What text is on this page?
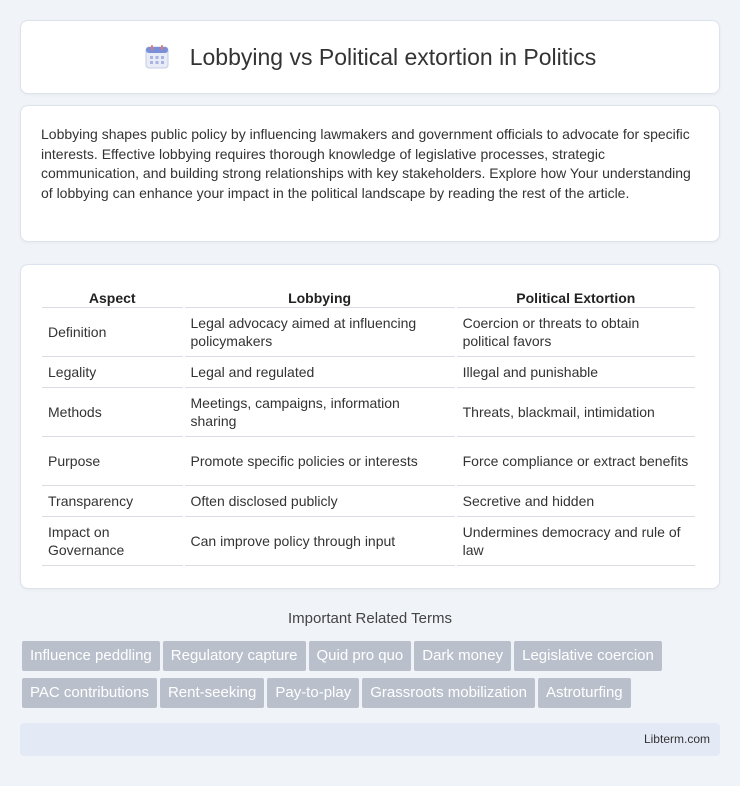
Lobbying vs Political extortion in Politics

Lobbying shapes public policy by influencing lawmakers and government officials to advocate for specific interests. Effective lobbying requires thorough knowledge of legislative processes, strategic communication, and building strong relationships with key stakeholders. Explore how Your understanding of lobbying can enhance your impact in the political landscape by reading the rest of the article.

Aspect	Lobbying	Political Extortion
Definition	Legal advocacy aimed at influencing policymakers	Coercion or threats to obtain political favors
Legality	Legal and regulated	Illegal and punishable
Methods	Meetings, campaigns, information sharing	Threats, blackmail, intimidation
Purpose	Promote specific policies or interests	Force compliance or extract benefits
Transparency	Often disclosed publicly	Secretive and hidden
Impact on Governance	Can improve policy through input	Undermines democracy and rule of law
Important Related Terms
Influence peddling Regulatory capture Quid pro quo Dark money Legislative coercion
PAC contributions Rent-seeking Pay-to-play Grassroots mobilization Astroturfing
Libterm.com
